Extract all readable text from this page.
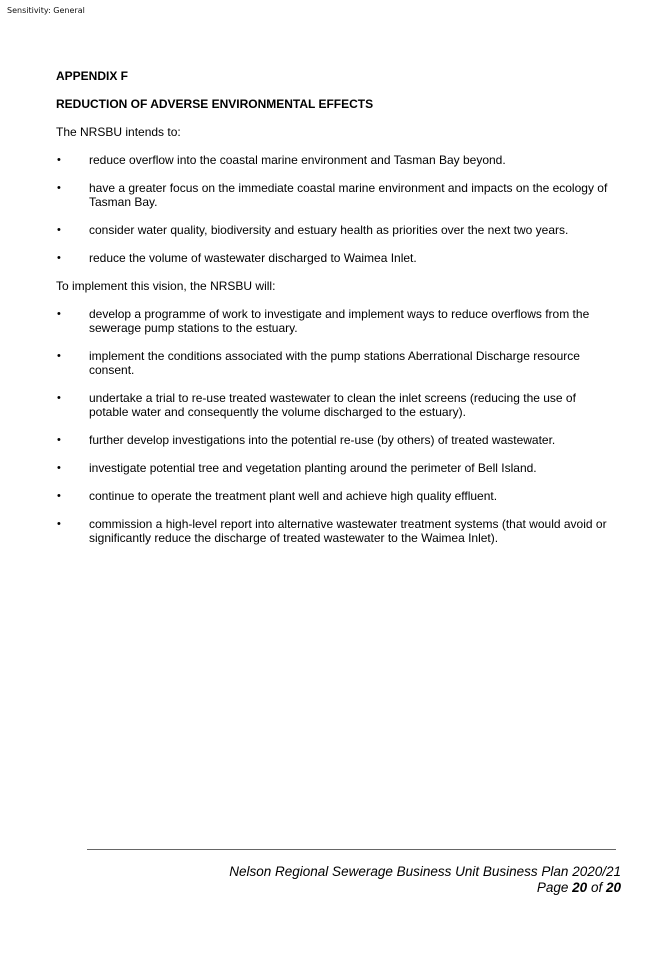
Sensitivity: General

APPENDIX F

REDUCTION OF ADVERSE ENVIRONMENTAL EFFECTS

The NRSBU intends to:

• reduce overflow into the coastal marine environment and Tasman Bay beyond.
• have a greater focus on the immediate coastal marine environment and impacts on the ecology of Tasman Bay.
• consider water quality, biodiversity and estuary health as priorities over the next two years.
• reduce the volume of wastewater discharged to Waimea Inlet.

To implement this vision, the NRSBU will:

• develop a programme of work to investigate and implement ways to reduce overflows from the sewerage pump stations to the estuary.
• implement the conditions associated with the pump stations Aberrational Discharge resource consent.
• undertake a trial to re-use treated wastewater to clean the inlet screens (reducing the use of potable water and consequently the volume discharged to the estuary).
• further develop investigations into the potential re-use (by others) of treated wastewater.
• investigate potential tree and vegetation planting around the perimeter of Bell Island.
• continue to operate the treatment plant well and achieve high quality effluent.
• commission a high-level report into alternative wastewater treatment systems (that would avoid or significantly reduce the discharge of treated wastewater to the Waimea Inlet).
Nelson Regional Sewerage Business Unit Business Plan 2020/21
Page 20 of 20
